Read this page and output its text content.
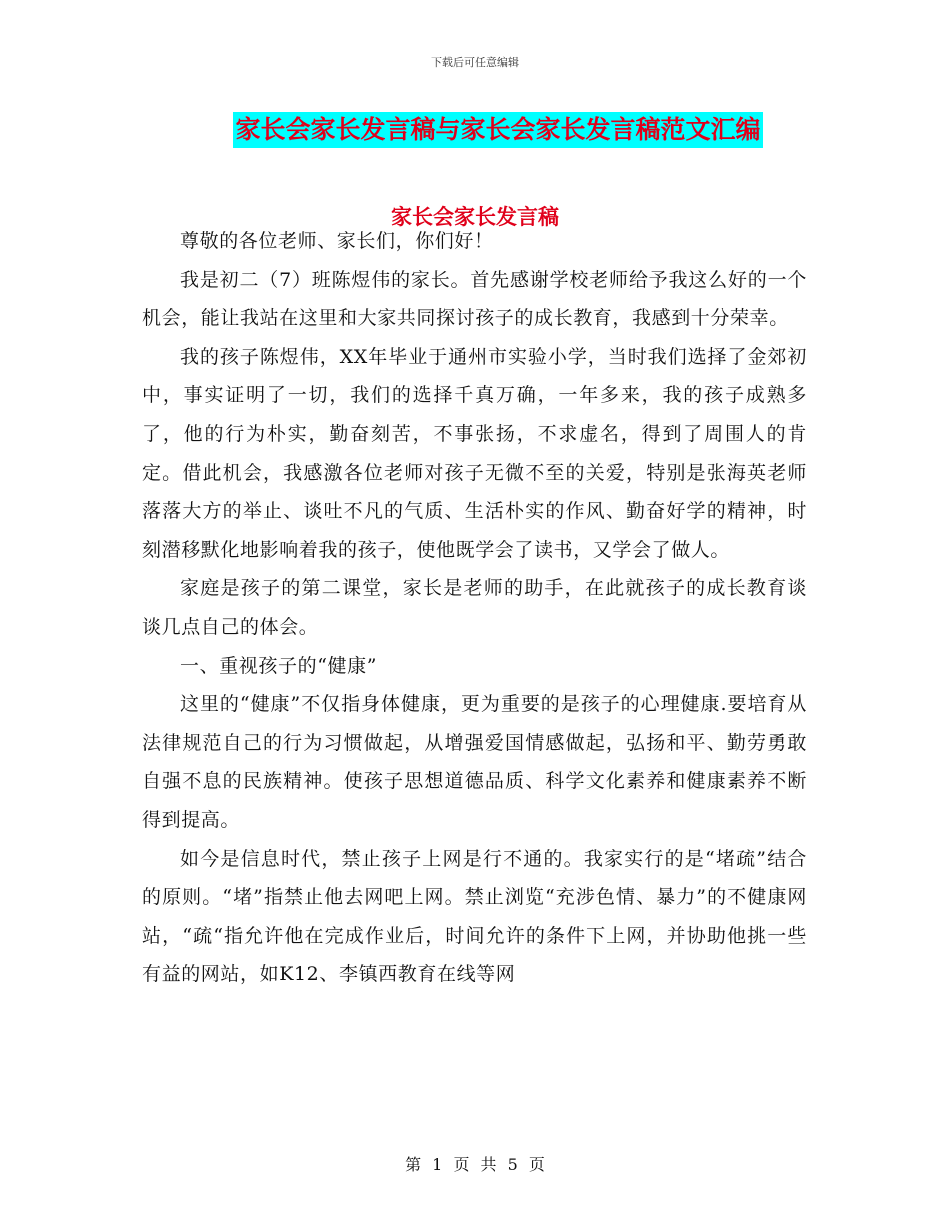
下载后可任意编辑
家长会家长发言稿与家长会家长发言稿范文汇编
家长会家长发言稿

尊敬的各位老师、家长们，你们好！

我是初二（7）班陈煜伟的家长。首先感谢学校老师给予我这么好的一个机会，能让我站在这里和大家共同探讨孩子的成长教育，我感到十分荣幸。

我的孩子陈煜伟，XX年毕业于通州市实验小学，当时我们选择了金郊初中，事实证明了一切，我们的选择千真万确，一年多来，我的孩子成熟多了，他的行为朴实，勤奋刻苦，不事张扬，不求虚名，得到了周围人的肯定。借此机会，我感激各位老师对孩子无微不至的关爱，特别是张海英老师落落大方的举止、谈吐不凡的气质、生活朴实的作风、勤奋好学的精神，时刻潜移默化地影响着我的孩子，使他既学会了读书，又学会了做人。

家庭是孩子的第二课堂，家长是老师的助手，在此就孩子的成长教育谈谈几点自己的体会。

一、重视孩子的“健康”

这里的“健康”不仅指身体健康，更为重要的是孩子的心理健康.要培育从法律规范自己的行为习惯做起，从增强爱国情感做起，弘扬和平、勤劳勇敢自强不息的民族精神。使孩子思想道德品质、科学文化素养和健康素养不断得到提高。

如今是信息时代，禁止孩子上网是行不通的。我家实行的是“堵疏”结合的原则。“堵”指禁止他去网吧上网。禁止浏览“充涉色情、暴力”的不健康网站，“疏“指允许他在完成作业后，时间允许的条件下上网，并协助他挑一些有益的网站，如K12、李镇西教育在线等网

第 1 页 共 5 页
